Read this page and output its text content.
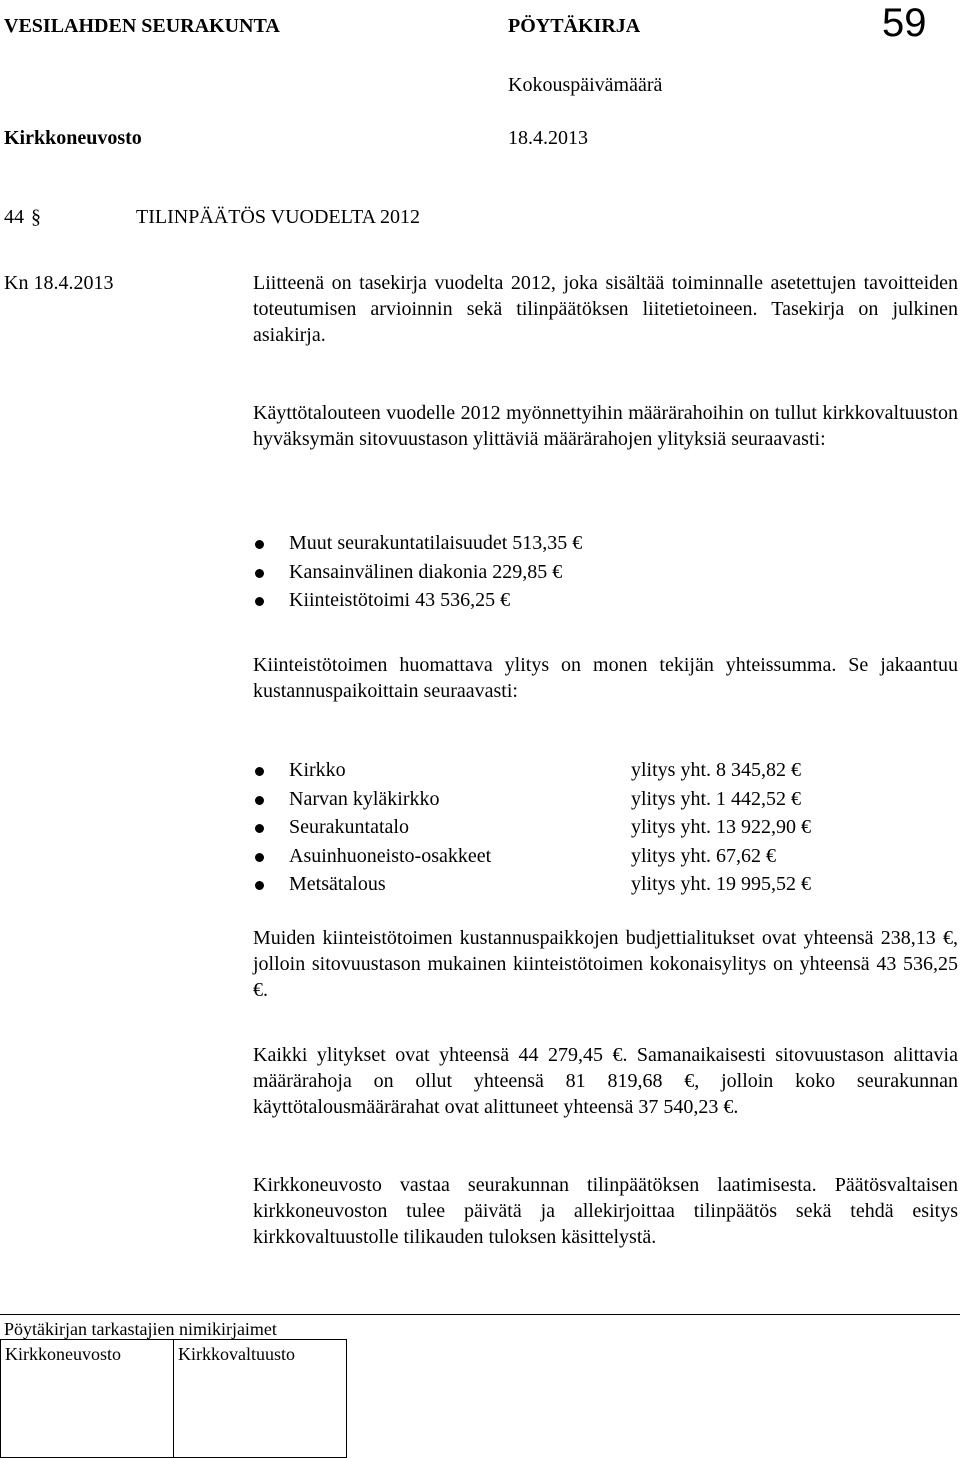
VESILAHDEN SEURAKUNTA	PÖYTÄKIRJA	59
Kokouspäivämäärä
Kirkkoneuvosto	18.4.2013
44 §	TILINPÄÄTÖS VUODELTA 2012
Kn 18.4.2013	Liitteenä on tasekirja vuodelta 2012, joka sisältää toiminnalle asetettujen tavoitteiden toteutumisen arvioinnin sekä tilinpäätöksen liitetietoineen. Tasekirja on julkinen asiakirja.

Käyttötalouteen vuodelle 2012 myönnettyihin määrärahoihin on tullut kirkkovaltuuston hyväksymän sitovuustason ylittäviä määrärahojen ylityksiä seuraavasti:

Muut seurakuntatilaisuudet 513,35 €
Kansainvälinen diakonia 229,85 €
Kiinteistötoimi 43 536,25 €

Kiinteistötoimen huomattava ylitys on monen tekijän yhteissumma. Se jakaantuu kustannuspaikoittain seuraavasti:

Kirkko	ylitys yht. 8 345,82 €
Narvan kyläkirkko	ylitys yht. 1 442,52 €
Seurakuntatalo	ylitys yht. 13 922,90 €
Asuinhuoneisto-osakkeet	ylitys yht. 67,62 €
Metsätalous	ylitys yht. 19 995,52 €

Muiden kiinteistötoimen kustannuspaikkojen budjettialitukset ovat yhteensä 238,13 €, jolloin sitovuustason mukainen kiinteistötoimen kokonaisylitys on yhteensä 43 536,25 €.

Kaikki ylitykset ovat yhteensä 44 279,45 €. Samanaikaisesti sitovuustason alittavia määrärahoja on ollut yhteensä 81 819,68 €, jolloin koko seurakunnan käyttötalousmäärärahat ovat alittuneet yhteensä 37 540,23 €.

Kirkkoneuvosto vastaa seurakunnan tilinpäätöksen laatimisesta. Päätösvaltaisen kirkkoneuvoston tulee päivätä ja allekirjoittaa tilinpäätös sekä tehdä esitys kirkkovaltuustolle tilikauden tuloksen käsittelystä.

Pöytäkirjan tarkastajien nimikirjaimet
Kirkkoneuvosto	Kirkkovaltuusto
